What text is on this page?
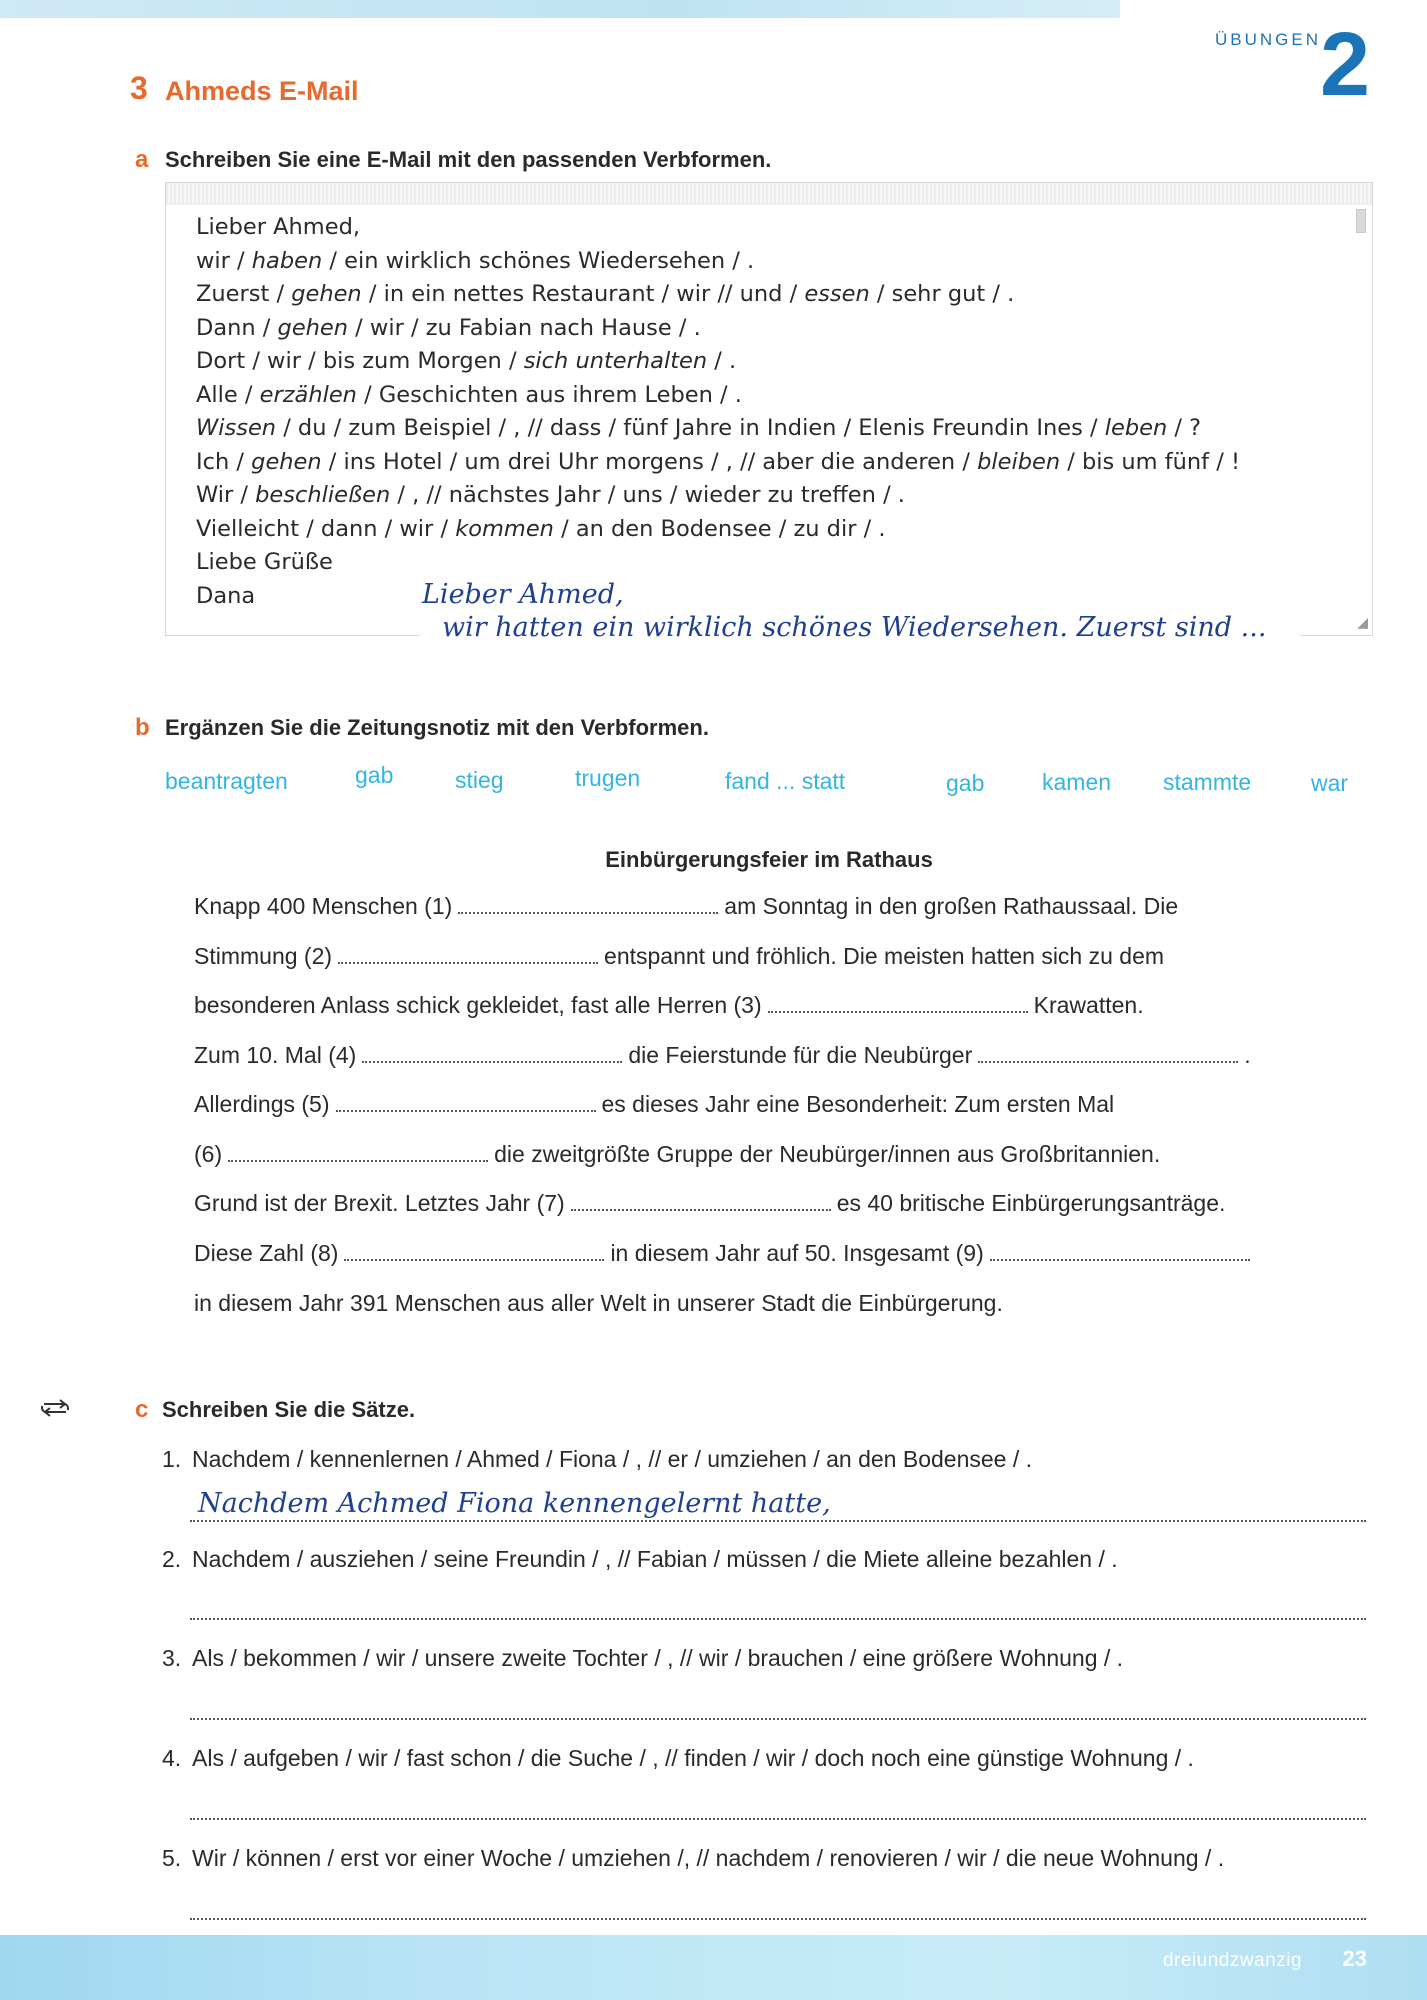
ÜBUNGEN
2
3 Ahmeds E-Mail
a Schreiben Sie eine E-Mail mit den passenden Verbformen.
Lieber Ahmed,
wir / haben / ein wirklich schönes Wiedersehen / .
Zuerst / gehen / in ein nettes Restaurant / wir // und / essen / sehr gut / .
Dann / gehen / wir / zu Fabian nach Hause / .
Dort / wir / bis zum Morgen / sich unterhalten / .
Alle / erzählen / Geschichten aus ihrem Leben / .
Wissen / du / zum Beispiel / , // dass / fünf Jahre in Indien / Elenis Freundin Ines / leben / ?
Ich / gehen / ins Hotel / um drei Uhr morgens / , // aber die anderen / bleiben / bis um fünf / !
Wir / beschließen / , // nächstes Jahr / uns / wieder zu treffen / .
Vielleicht / dann / wir / kommen / an den Bodensee / zu dir / .
Liebe Grüße
Dana
◢
Lieber Ahmed,
wir hatten ein wirklich schönes Wiedersehen. Zuerst sind ...
b Ergänzen Sie die Zeitungsnotiz mit den Verbformen.
beantragten	gab	stieg	trugen	fand ... statt	gab	kamen stammte	war
Einbürgerungsfeier im Rathaus
Knapp 400 Menschen (1)	am Sonntag in den großen Rathaussaal. Die
Stimmung (2)	entspannt und fröhlich. Die meisten hatten sich zu dem
besonderen Anlass schick gekleidet, fast alle Herren (3)	Krawatten.
Zum 10. Mal (4)	die Feierstunde für die Neubürger	.
Allerdings (5)	es dieses Jahr eine Besonderheit: Zum ersten Mal
(6)	die zweitgrößte Gruppe der Neubürger/innen aus Großbritannien.
Grund ist der Brexit. Letztes Jahr (7)	es 40 britische Einbürgerungsanträge.
Diese Zahl (8)	in diesem Jahr auf 50. Insgesamt (9)
in diesem Jahr 391 Menschen aus aller Welt in unserer Stadt die Einbürgerung.
c Schreiben Sie die Sätze.
1. Nachdem / kennenlernen / Ahmed / Fiona / , // er / umziehen / an den Bodensee / .
Nachdem Achmed Fiona kennengelernt hatte,
2. Nachdem / ausziehen / seine Freundin / , // Fabian / müssen / die Miete alleine bezahlen / .
3. Als / bekommen / wir / unsere zweite Tochter / , // wir / brauchen / eine größere Wohnung / .
4. Als / aufgeben / wir / fast schon / die Suche / , // finden / wir / doch noch eine günstige Wohnung / .
5. Wir / können / erst vor einer Woche / umziehen /, // nachdem / renovieren / wir / die neue Wohnung / .
dreiundzwanzig 23
